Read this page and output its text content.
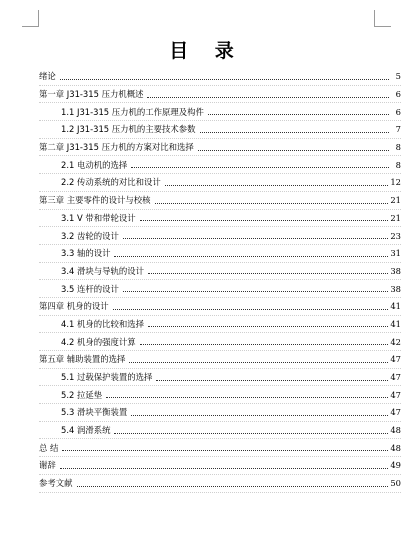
目 录
绪论	5
第一章 J31-315 压力机概述	6
1.1 J31-315 压力机的工作原理及构件	6
1.2 J31-315 压力机的主要技术参数	7
第二章 J31-315 压力机的方案对比和选择	8
2.1 电动机的选择	8
2.2 传动系统的对比和设计	12
第三章 主要零件的设计与校核	21
3.1 V 带和带轮设计	21
3.2 齿轮的设计	23
3.3 轴的设计	31
3.4 滑块与导轨的设计	38
3.5 连杆的设计	38
第四章 机身的设计	41
4.1 机身的比较和选择	41
4.2 机身的强度计算	42
第五章 辅助装置的选择	47
5.1 过载保护装置的选择	47
5.2 拉延垫	47
5.3 滑块平衡装置	47
5.4 润滑系统	48
总 结	48
谢辞	49
参考文献	50
